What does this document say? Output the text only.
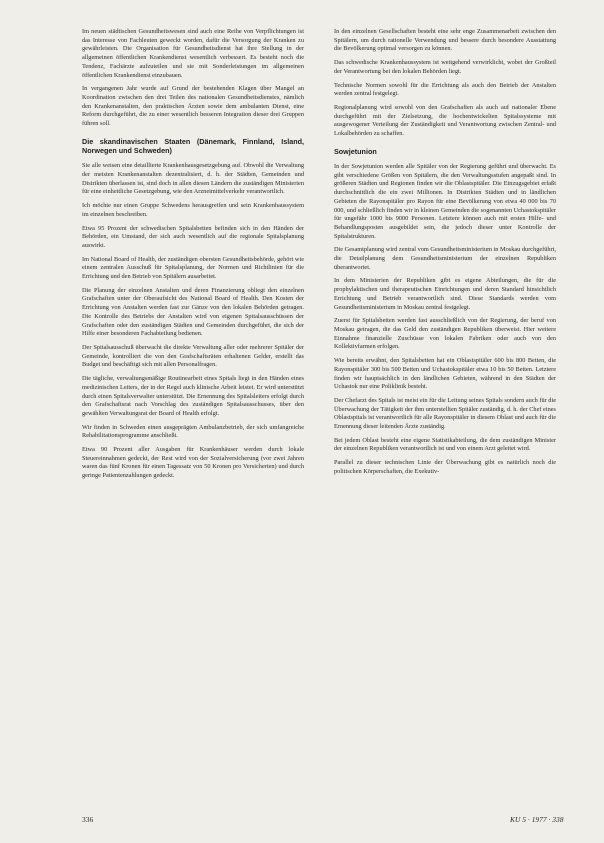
Im neuen städtischen Gesundheitswesen sind auch eine Reihe von Verpflichtungen ist das Interesse von Fachleuten geweckt worden, dafür die Versorgung der Kranken zu gewährleisten. Die Organisation für Gesundheitsdienst hat ihre Stellung in der allgemeinen öffentlichen Krankendienst wesentlich verbessert. Es besteht noch die Tendenz, Fachärzte aufzuteilen und sie mit Sonderleistungen im allgemeinen öffentlichen Krankendienst einzubauen.

In vergangenen Jahr wurde auf Grund der bestehenden Klagen über Mangel an Koordination zwischen den drei Teilen des nationalen Gesundheitsdienstes, nämlich den Krankenanstalten, den praktischen Ärzten sowie dem ambulanten Dienst, eine Reform durchgeführt, die zu einer wesentlich besseren Integration dieser drei Gruppen führen soll.

Die skandinavischen Staaten (Dänemark, Finnland, Island, Norwegen und Schweden)

Sie alle weisen eine detaillierte Krankenhausgesetzgebung auf. Obwohl die Verwaltung der meisten Krankenanstalten dezentralisiert, d. h. der Städten, Gemeinden und Distrikten überlassen ist, sind doch in allen diesen Ländern die zuständigen Ministerien für eine einheitliche Gesetzgebung, wie den Arzneimittelverkehr verantwortlich.

Ich möchte nur einen Gruppe Schwedens herausgreifen und sein Krankenhaussystem im einzelnen beschreiben.

Etwa 95 Prozent der schwedischen Spitalsbetten befinden sich in den Händen der Behörden, ein Umstand, der sich auch wesentlich auf die regionale Spitalsplanung auswirkt.

Im National Board of Health, der zuständigen obersten Gesundheitsbehörde, gehört wie einem zentralen Ausschuß für Spitalsplanung, der Normen und Richtlinien für die Errichtung und den Betrieb von Spitälern ausarbeitet.

Die Planung der einzelnen Anstalten und deren Finanzierung obliegt den einzelnen Grafschaften unter der Oberaufsicht des National Board of Health. Den Kosten der Errichtung von Anstalten werden fast zur Gänze von den lokalen Behörden getragen. Die Kontrolle des Betriebs der Anstalten wird von eigenen Spitalsausschüssen der Grafschaften oder den zuständigen Städten und Gemeinden durchgeführt, die sich der Hilfe einer besonderen Fachabteilung bedienen.

Der Spitalsausschuß überwacht die direkte Verwaltung aller oder mehrerer Spitäler der Gemeinde, kontrolliert die von den Grafschaftsräten erhaltenen Gelder, erstellt das Budget und beschäftigt sich mit allen Personalfragen.

Die tägliche, verwaltungsmäßige Routinearbeit eines Spitals liegt in den Händen eines medizinischen Leiters, der in der Regel auch klinische Arbeit leistet. Er wird unterstützt durch einen Spitalsverwalter unterstützt. Die Ernennung des Spitalsleiters erfolgt durch den Grafschaftsrat nach Vorschlag des zuständigen Spitalsausschusses, über den gewählten Verwaltungsrat der Board of Health erfolgt.

Wir finden in Schweden einen ausgeprägten Ambulanzbetrieb, der sich umfangreiche Rehabilitationsprogramme anschließt.

Etwa 90 Prozent aller Ausgaben für Krankenhäuser werden durch lokale Steuereinnahmen gedeckt, der Rest wird von der Sozialversicherung (vor zwei Jahren waren das fünf Kronen für einen Tagessatz von 50 Kronen pro Versicherten) und durch geringe Patientenzahlungen gedeckt.

In den einzelnen Gesellschaften besteht eine sehr enge Zusammenarbeit zwischen den Spitälern, um durch rationelle Verwendung und bessere durch besondere Ausstattung die Bevölkerung optimal versorgen zu können.

Das schwedische Krankenhaussystem ist weitgehend verwirklicht, wobei der Großteil der Verantwortung bei den lokalen Behörden liegt.

Technische Normen sowohl für die Errichtung als auch den Betrieb der Anstalten werden zentral festgelegt.

Regionalplanung wird sowohl von den Grafschaften als auch auf nationaler Ebene durchgeführt mit der Zielsetzung, die hochentwickelten Spitalssysteme mit ausgewogener Verteilung der Zuständigkeit und Verantwortung zwischen Zentral- und Lokalbehörden zu schaffen.

Sowjetunion

In der Sowjetunion werden alle Spitäler von der Regierung geführt und überwacht. Es gibt verschiedene Größen von Spitälern, die den Verwaltungsstufen angepaßt sind. In größeren Städten und Regionen finden wir die Oblastspitäler. Die Einzugsgebiet erfaßt durchschnittlich die ein zwei Millionen. In Distrikten Städten und in ländlichen Gebieten die Rayonspitäler pro Rayon für eine Bevölkerung von etwa 40 000 bis 70 000, und schließlich finden wir in kleinen Gemeinden die sogenannten Uchastokspitäler für ungefähr 1000 bis 9000 Personen. Letztere können auch mit ersten Hilfe- und Behandlungsposten ausgebildet sein, die jedoch dieser unter Kontrolle der Spitalstrukturen.

Die Gesamtplanung wird zentral vom Gesundheitsministerium in Moskau durchgeführt, die Detailplanung dem Gesundheitsministerium der einzelnen Republiken überantwortet.

In dem Ministerien der Republiken gibt es eigene Abteilungen, die für die prophylaktischen und therapeutischen Einrichtungen und deren Standard hinsichtlich Errichtung und Betrieb verantwortlich sind. Diese Standards werden vom Gesundheitsministerium in Moskau zentral festgelegt.

Zuerst für Spitalsbetten werden fast ausschließlich von der Regierung, der beruf von Moskau getragen, die das Geld den zuständigen Republiken überweist. Hier weitere Einnahme finanzielle Zuschüsse von lokalen Fabriken oder auch von den Kollektivfarmen erfolgen.

Wie bereits erwähnt, den Spitalsbetten hat ein Oblastspitäler 600 bis 800 Betten, die Rayonspitäler 300 bis 500 Betten und Uchastokspitäler etwa 10 bis 50 Betten. Letztere finden wir hauptsächlich in den ländlichen Gebieten, während in den Städten der Uchastok nur eine Poliklinik besteht.

Der Chefarzt des Spitals ist meist ein für die Leitung seines Spitals sondern auch für die Überwachung der Tätigkeit der ihm unterstellten Spitäler zuständig, d. h. der Chef eines Oblastspitals ist verantwortlich für alle Rayonspitäler in diesem Oblast und auch für die Ernennung dieser leitenden Ärzte zuständig.

Bei jedem Oblast besteht eine eigene Statistikabteilung, die dem zuständigen Minister der einzelnen Republiken verantwortlich ist und von einem Arzt geleitet wird.

Parallel zu dieser technischen Linie der Überwachung gibt es natürlich noch die politischen Körperschaften, die Exekutiv-

336	KU 5 · 1977 · 338
